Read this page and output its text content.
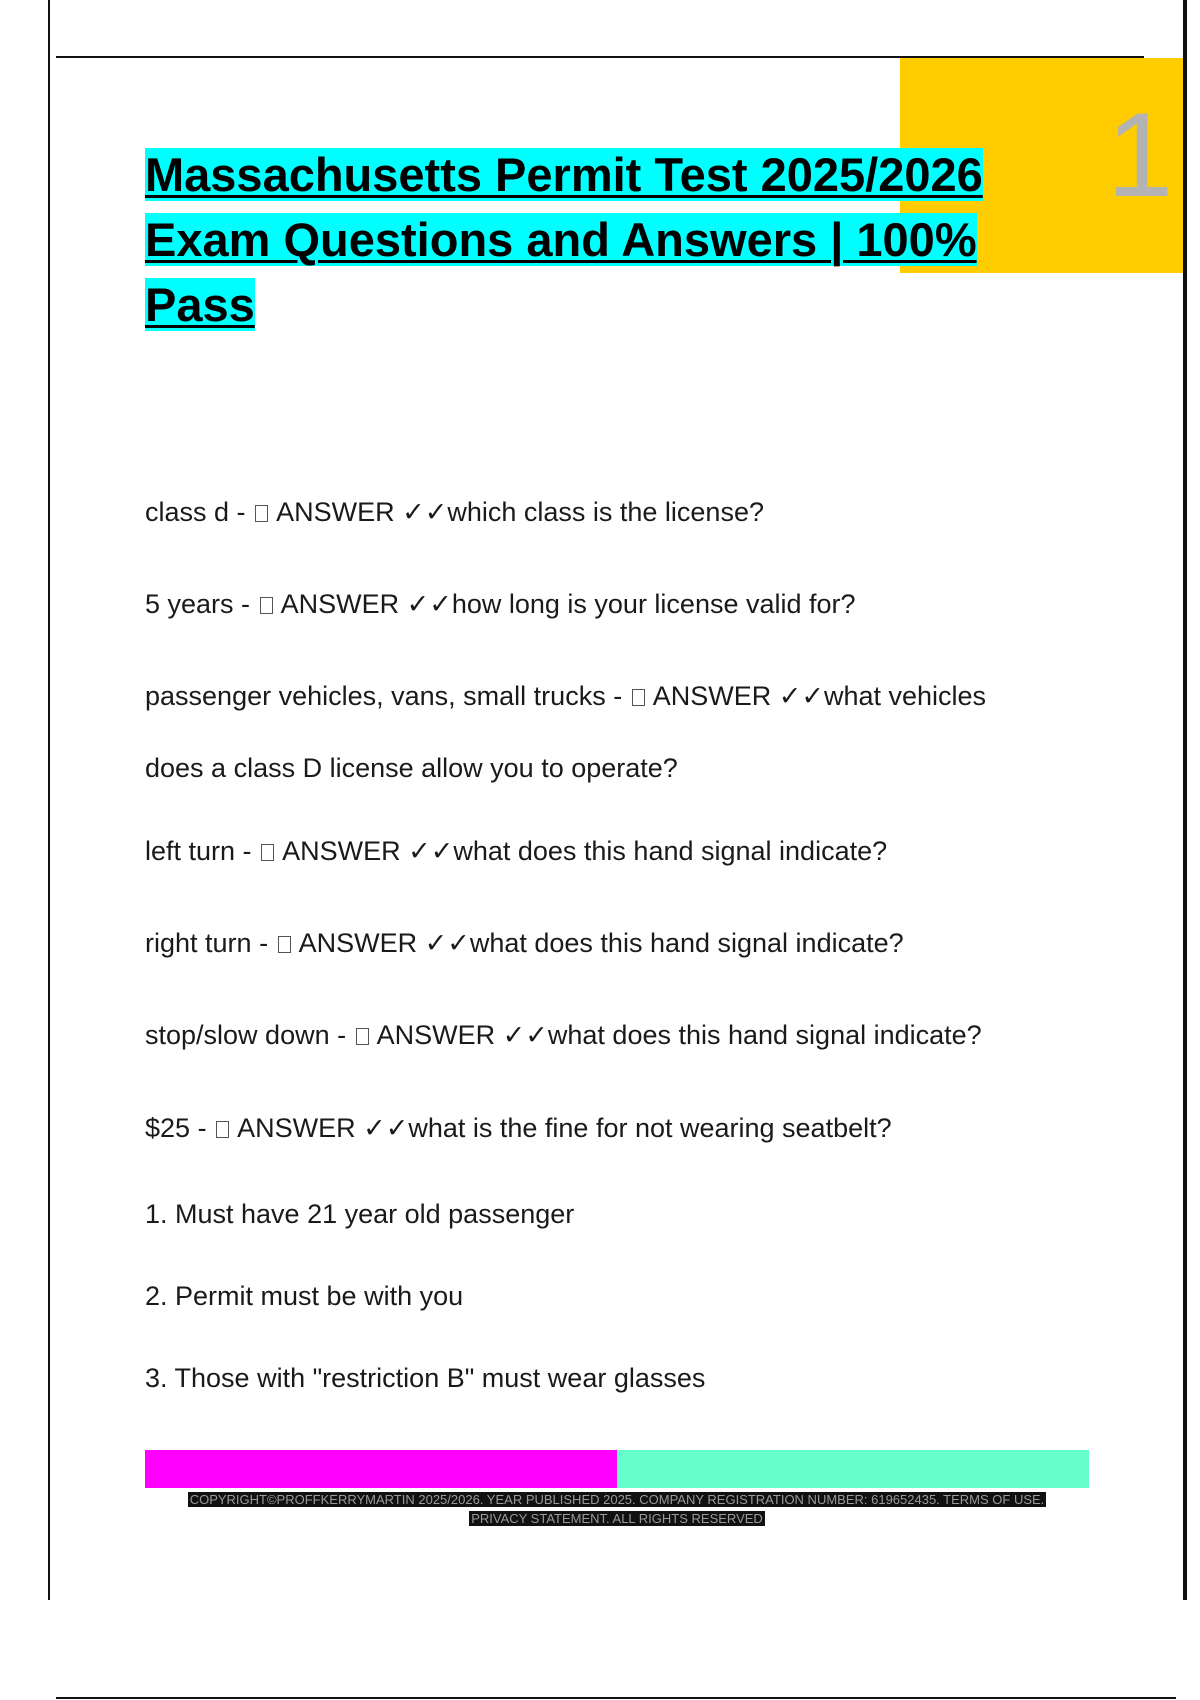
1
Massachusetts Permit Test 2025/2026 Exam Questions and Answers | 100% Pass

class d -  ANSWER ✓✓which class is the license?

5 years -  ANSWER ✓✓how long is your license valid for?

passenger vehicles, vans, small trucks -  ANSWER ✓✓what vehicles does a class D license allow you to operate?

left turn -  ANSWER ✓✓what does this hand signal indicate?

right turn -  ANSWER ✓✓what does this hand signal indicate?

stop/slow down -  ANSWER ✓✓what does this hand signal indicate?

$25 -  ANSWER ✓✓what is the fine for not wearing seatbelt?

1. Must have 21 year old passenger

2. Permit must be with you

3. Those with "restriction B" must wear glasses

COPYRIGHT©PROFFKERRYMARTIN 2025/2026. YEAR PUBLISHED 2025. COMPANY REGISTRATION NUMBER: 619652435. TERMS OF USE.
PRIVACY STATEMENT. ALL RIGHTS RESERVED
